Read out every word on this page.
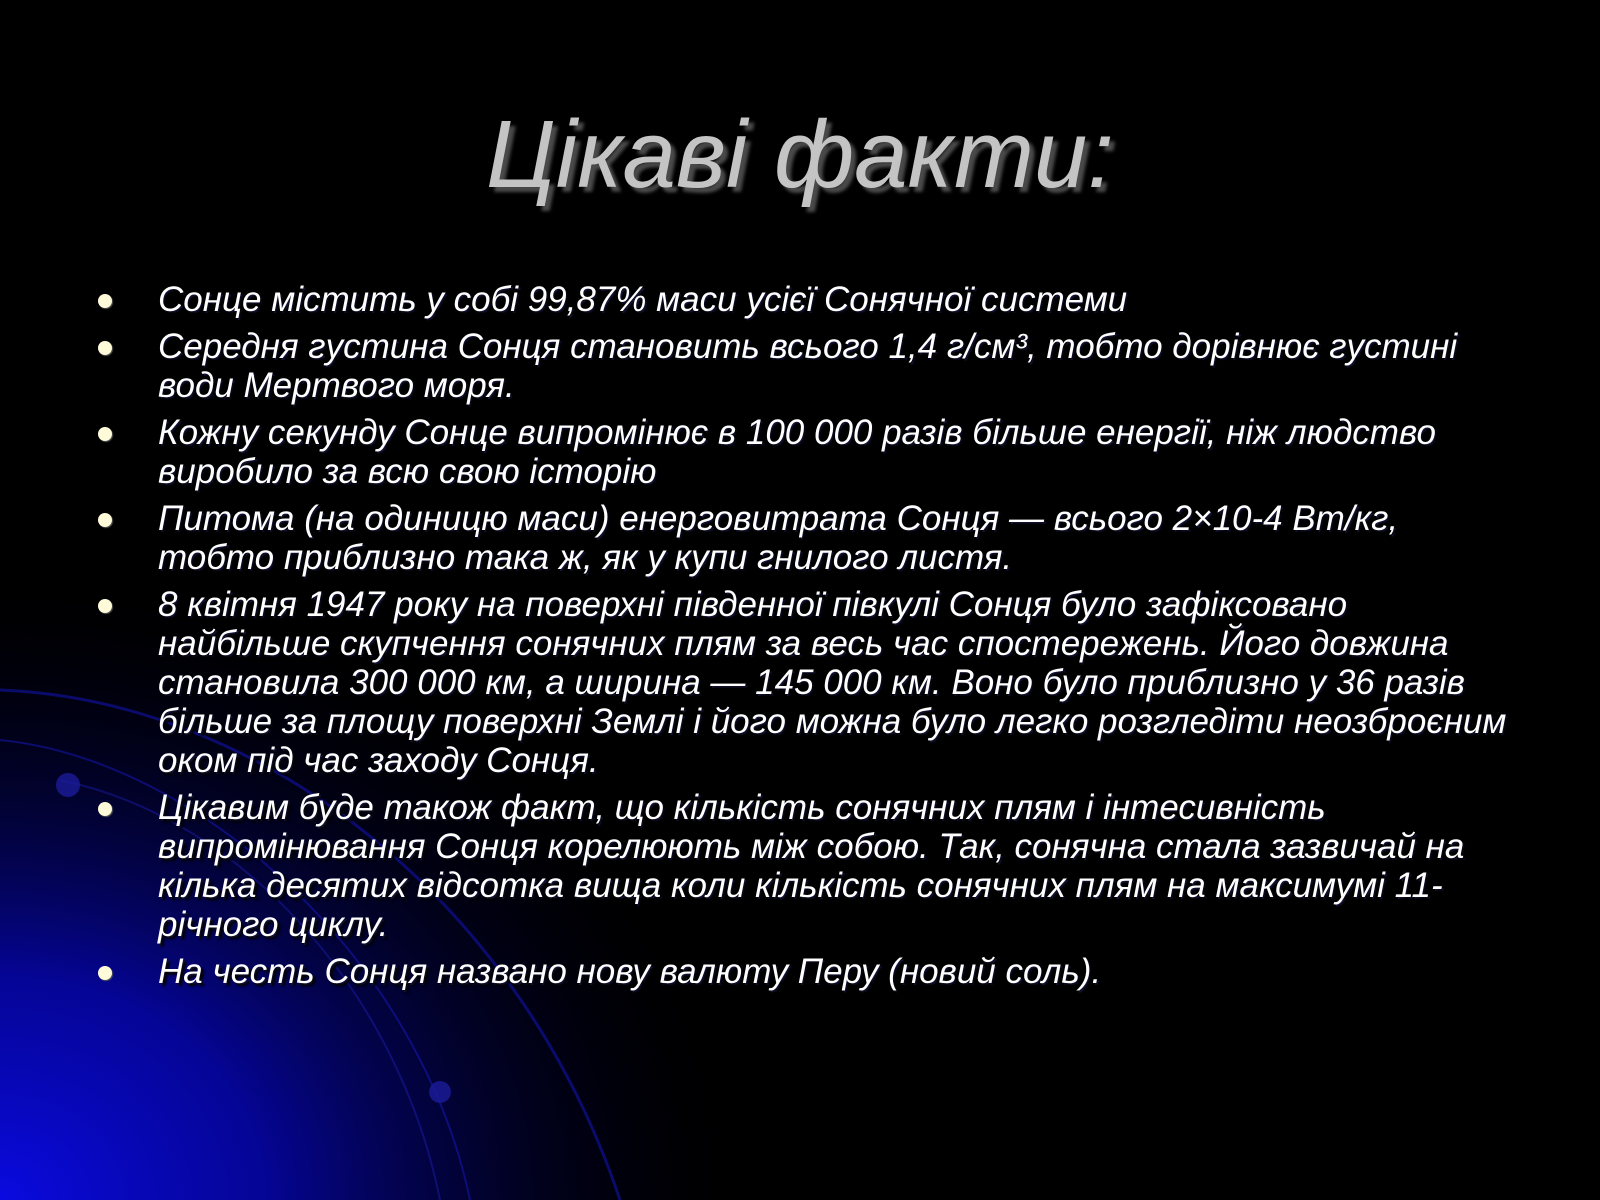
Цікаві факти:
Сонце містить у собі 99,87% маси усієї Сонячної системи
Середня густина Сонця становить всього 1,4 г/см³, тобто дорівнює густині води Мертвого моря.
Кожну секунду Сонце випромінює в 100 000 разів більше енергії, ніж людство виробило за всю свою історію
Питома (на одиницю маси) енерговитрата Сонця — всього 2×10-4 Вт/кг, тобто приблизно така ж, як у купи гнилого листя.
8 квітня 1947 року на поверхні південної півкулі Сонця було зафіксовано найбільше скупчення сонячних плям за весь час спостережень. Його довжина становила 300 000 км, а ширина — 145 000 км. Воно було приблизно у 36 разів більше за площу поверхні Землі і його можна було легко розгледіти неозброєним оком під час заходу Сонця.
Цікавим буде також факт, що кількість сонячних плям і інтесивність випромінювання Сонця корелюють між собою. Так, сонячна стала зазвичай на кілька десятих відсотка вища коли кількість сонячних плям на максимумі 11-річного циклу.
На честь Сонця названо нову валюту Перу (новий соль).
